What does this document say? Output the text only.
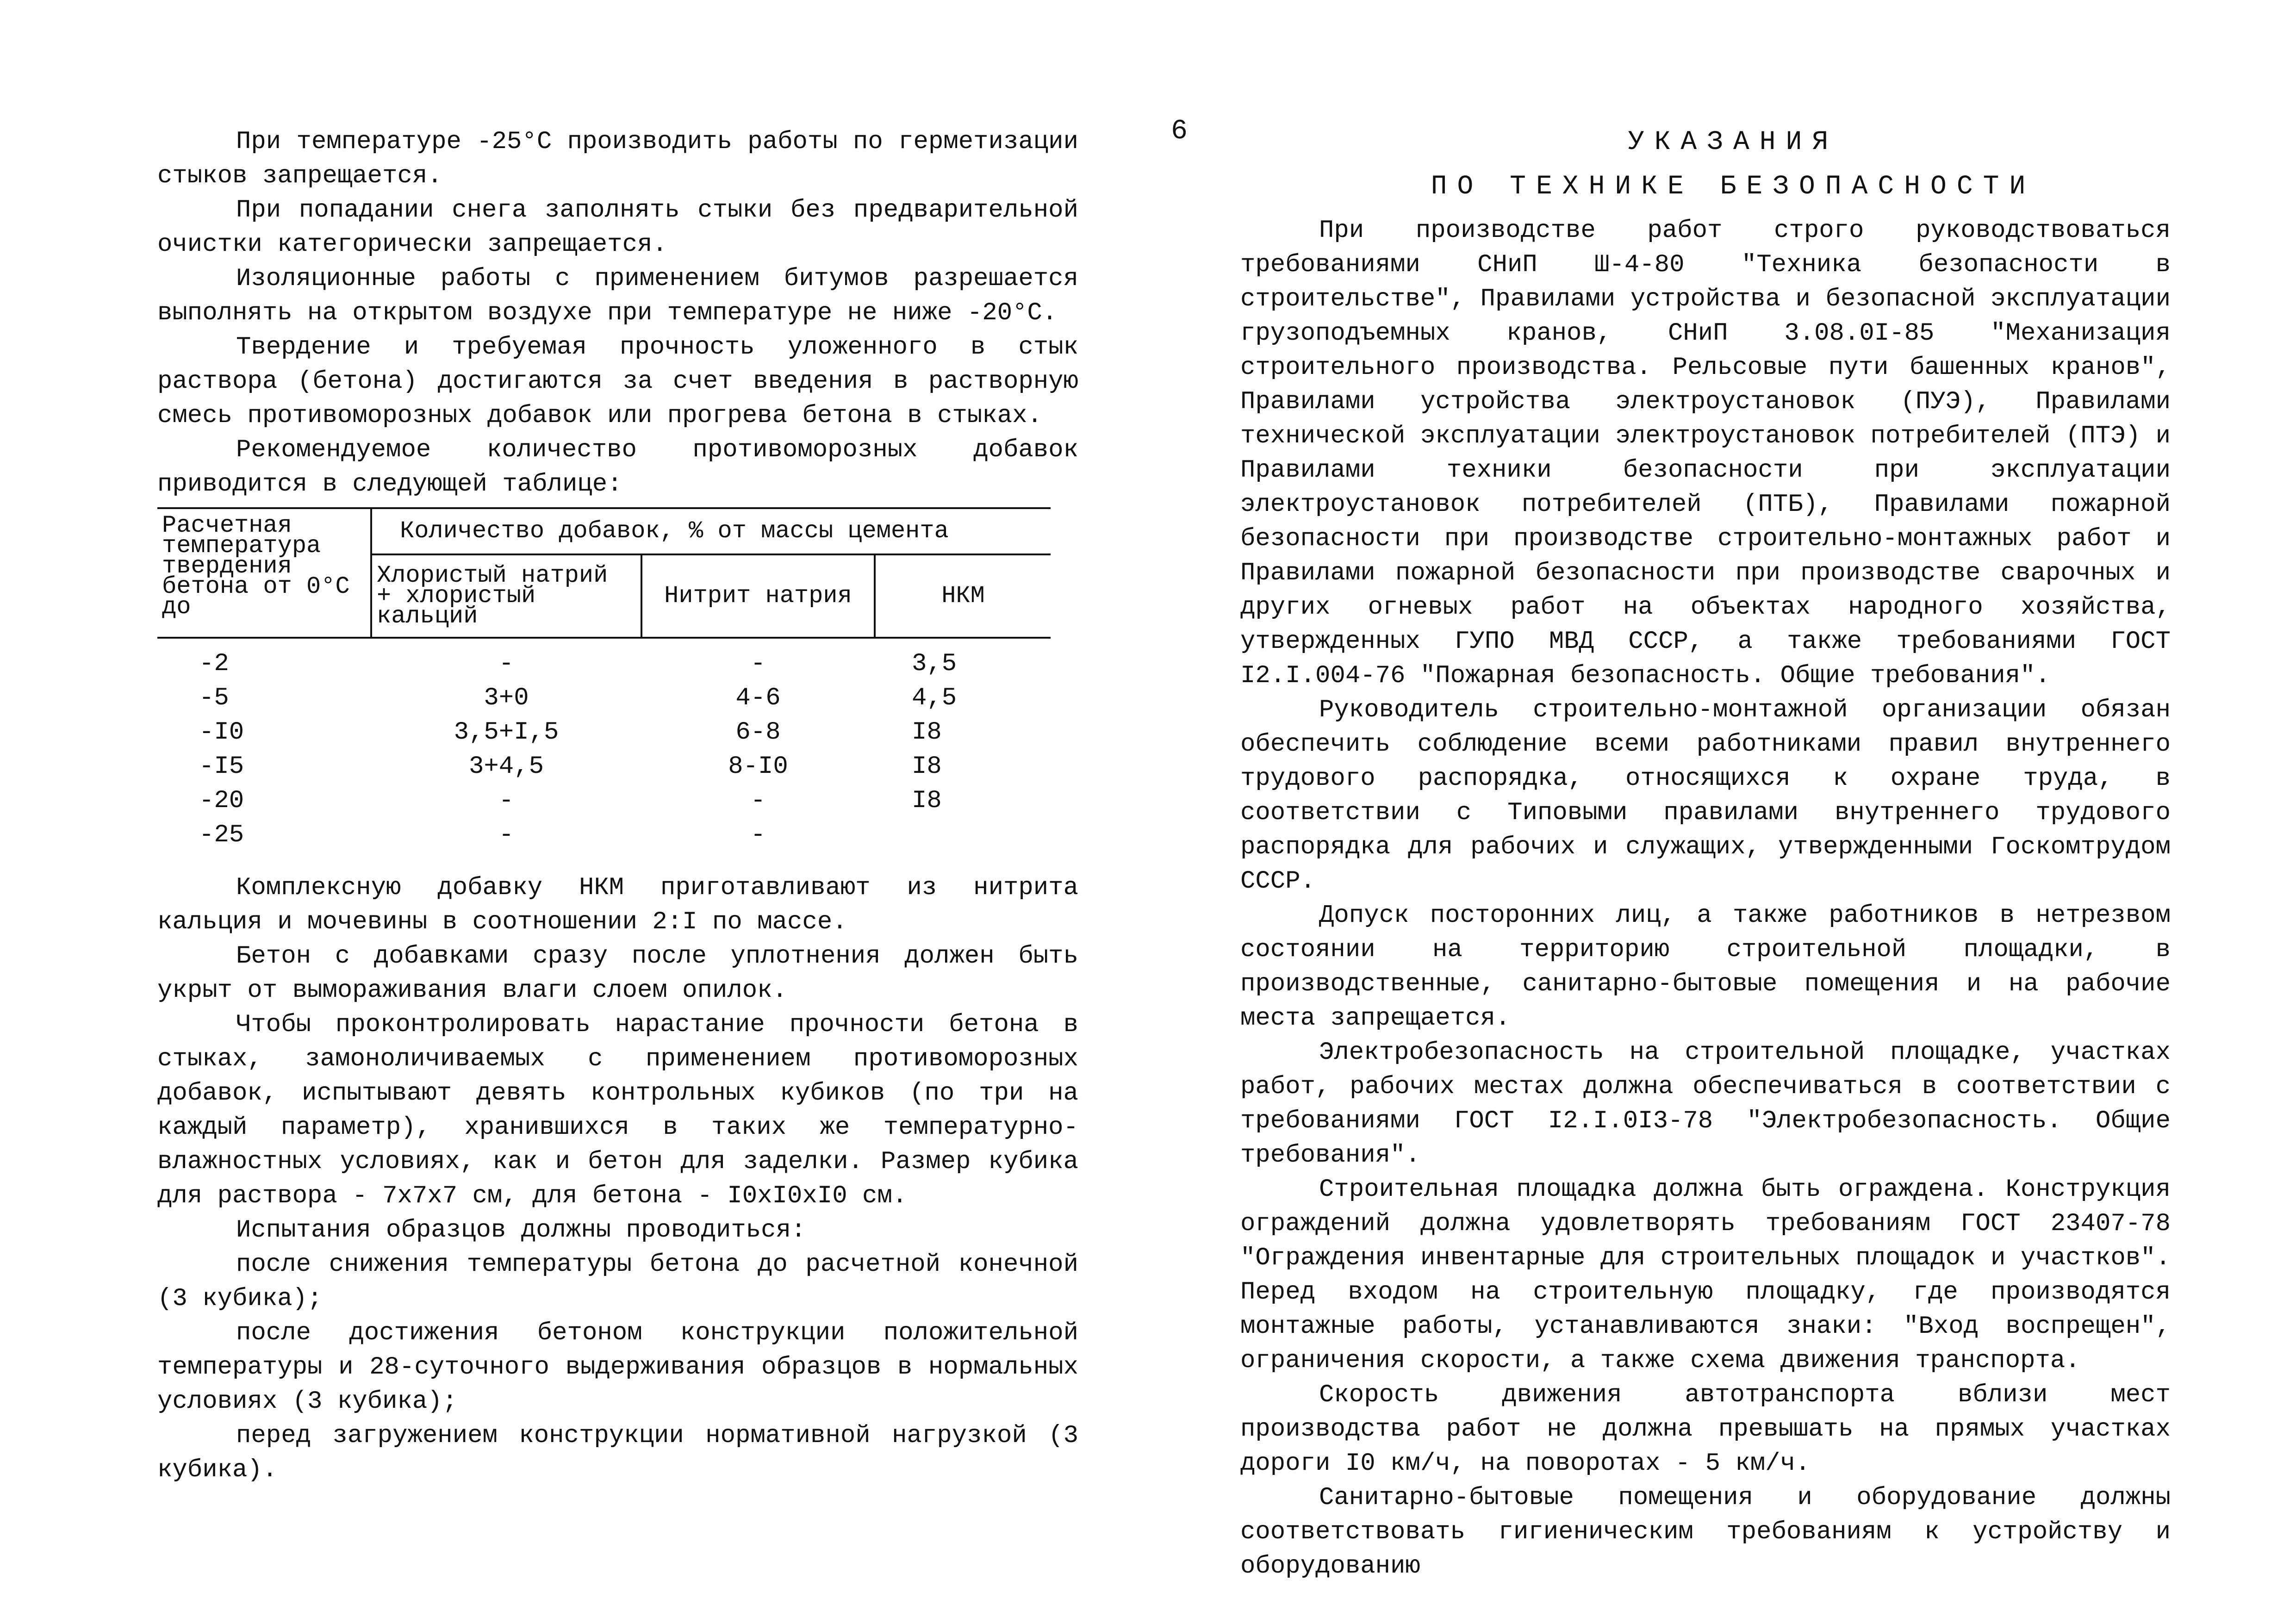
6

При температуре -25°С производить работы по герметизации стыков запрещается.

При попадании снега заполнять стыки без предварительной очистки категорически запрещается.

Изоляционные работы с применением битумов разрешается выполнять на открытом воздухе при температуре не ниже -20°С.

Твердение и требуемая прочность уложенного в стык раствора (бетона) достигаются за счет введения в растворную смесь противоморозных добавок или прогрева бетона в стыках.

Рекомендуемое количество противоморозных добавок приводится в следующей таблице:

Расчетная температура твердения бетона от 0°С до	Количество добавок, % от массы цемента		
	Хлористый натрий + хлористый кальций	Нитрит натрия	НКМ
-2	-	-	3,5
-5	3+0	4-6	4,5
-I0	3,5+I,5	6-8	I8
-I5	3+4,5	8-I0	I8
-20	-	-	I8
-25	-	-	

Комплексную добавку НКМ приготавливают из нитрита кальция и мочевины в соотношении 2:I по массе.

Бетон с добавками сразу после уплотнения должен быть укрыт от вымораживания влаги слоем опилок.

Чтобы проконтролировать нарастание прочности бетона в стыках, замоноличиваемых с применением противоморозных добавок, испытывают девять контрольных кубиков (по три на каждый параметр), хранившихся в таких же температурно-влажностных условиях, как и бетон для заделки. Размер кубика для раствора - 7х7х7 см, для бетона - I0хI0хI0 см.

Испытания образцов должны проводиться:

после снижения температуры бетона до расчетной конечной (3 кубика);

после достижения бетоном конструкции положительной температуры и 28-суточного выдерживания образцов в нормальных условиях (3 кубика);

перед загружением конструкции нормативной нагрузкой (3 кубика).

УКАЗАНИЯ
ПО ТЕХНИКЕ БЕЗОПАСНОСТИ

При производстве работ строго руководствоваться требованиями СНиП Ш-4-80 "Техника безопасности в строительстве", Правилами устройства и безопасной эксплуатации грузоподъемных кранов, СНиП 3.08.0I-85 "Механизация строительного производства. Рельсовые пути башенных кранов", Правилами устройства электроустановок (ПУЭ), Правилами технической эксплуатации электроустановок потребителей (ПТЭ) и Правилами техники безопасности при эксплуатации электроустановок потребителей (ПТБ), Правилами пожарной безопасности при производстве строительно-монтажных работ и Правилами пожарной безопасности при производстве сварочных и других огневых работ на объектах народного хозяйства, утвержденных ГУПО МВД СССР, а также требованиями ГОСТ I2.I.004-76 "Пожарная безопасность. Общие требования".

Руководитель строительно-монтажной организации обязан обеспечить соблюдение всеми работниками правил внутреннего трудового распорядка, относящихся к охране труда, в соответствии с Типовыми правилами внутреннего трудового распорядка для рабочих и служащих, утвержденными Госкомтрудом СССР.

Допуск посторонних лиц, а также работников в нетрезвом состоянии на территорию строительной площадки, в производственные, санитарно-бытовые помещения и на рабочие места запрещается.

Электробезопасность на строительной площадке, участках работ, рабочих местах должна обеспечиваться в соответствии с требованиями ГОСТ I2.I.0I3-78 "Электробезопасность. Общие требования".

Строительная площадка должна быть ограждена. Конструкция ограждений должна удовлетворять требованиям ГОСТ 23407-78 "Ограждения инвентарные для строительных площадок и участков". Перед входом на строительную площадку, где производятся монтажные работы, устанавливаются знаки: "Вход воспрещен", ограничения скорости, а также схема движения транспорта.

Скорость движения автотранспорта вблизи мест производства работ не должна превышать на прямых участках дороги I0 км/ч, на поворотах - 5 км/ч.

Санитарно-бытовые помещения и оборудование должны соответствовать гигиеническим требованиям к устройству и оборудованию
